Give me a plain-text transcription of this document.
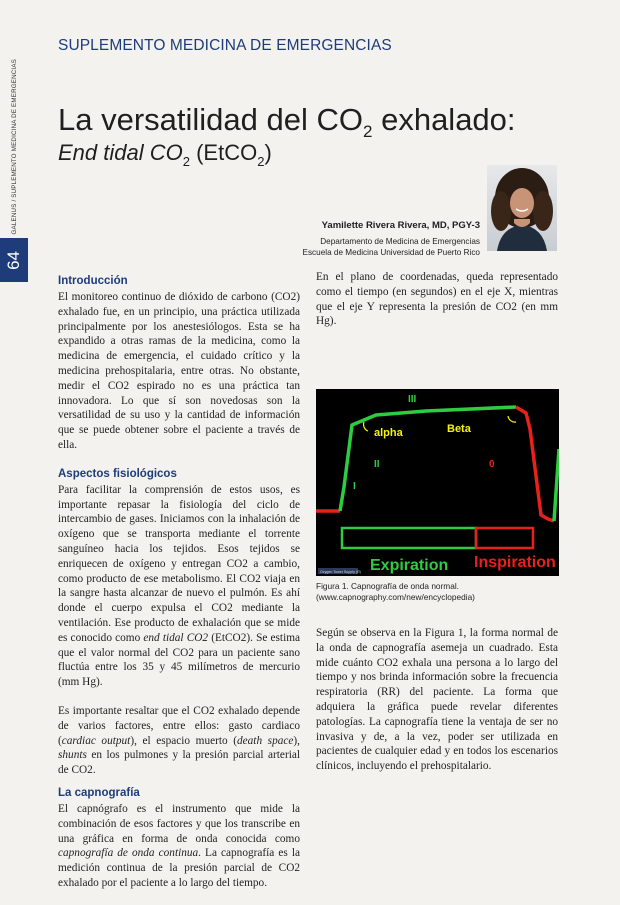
GALENUS / SUPLEMENTO MEDICINA DE EMERGENCIAS
64
SUPLEMENTO MEDICINA DE EMERGENCIAS
La versatilidad del $CO_2$ exhalado:
End tidal $CO_2$ (EtCO$_2$)
Yamilette Rivera Rivera, MD, PGY-3
Departamento de Medicina de Emergencias
Escuela de Medicina Universidad de Puerto Rico
Introducción

El monitoreo continuo de dióxido de carbono (CO2) exhalado fue, en un principio, una práctica utilizada principalmente por los anestesiólogos. Esta se ha expandido a otras ramas de la medicina, como la medicina de emergencia, el cuidado crítico y la medicina prehospitalaria, entre otras. No obstante, medir el CO2 espirado no es una práctica tan innovadora. Lo que sí son novedosas son la versatilidad de su uso y la cantidad de información que se puede obtener sobre el paciente a través de ella.

Aspectos fisiológicos

Para facilitar la comprensión de estos usos, es importante repasar la fisiología del ciclo de intercambio de gases. Iniciamos con la inhalación de oxígeno que se transporta mediante el torrente sanguíneo hacia los tejidos. Esos tejidos se enriquecen de oxígeno y entregan CO2 a cambio, como producto de ese metabolismo. El CO2 viaja en la sangre hasta alcanzar de nuevo el pulmón. Es ahí donde el cuerpo expulsa el CO2 mediante la ventilación. Ese producto de exhalación que se mide es conocido como end tidal CO2 (EtCO2). Se estima que el valor normal del CO2 para un paciente sano fluctúa entre los 35 y 45 milímetros de mercurio (mm Hg).

Es importante resaltar que el CO2 exhalado depende de varios factores, entre ellos: gasto cardiaco (cardiac output), el espacio muerto (death space), shunts en los pulmones y la presión parcial arterial de CO2.

La capnografía

El capnógrafo es el instrumento que mide la combinación de esos factores y que los transcribe en una gráfica en forma de onda conocida como capnografía de onda continua. La capnografía es la medición continua de la presión parcial de CO2 exhalado por el paciente a lo largo del tiempo.

En el plano de coordenadas, queda representado como el tiempo (en segundos) en el eje X, mientras que el eje Y representa la presión de CO2 (en mm Hg).

I
II
III
0
alpha	Beta
Expiration Inspiration
Oxygen Tower Supply (R)
Figura 1. Capnografía de onda normal.
(www.capnography.com/new/encyclopedia)

Según se observa en la Figura 1, la forma normal de la onda de capnografía asemeja un cuadrado. Esta mide cuánto CO2 exhala una persona a lo largo del tiempo y nos brinda información sobre la frecuencia respiratoria (RR) del paciente. La forma que adquiera la gráfica puede revelar diferentes patologías. La capnografía tiene la ventaja de ser no invasiva y de, a la vez, poder ser utilizada en pacientes de cualquier edad y en todos los escenarios clínicos, incluyendo el prehospitalario.
